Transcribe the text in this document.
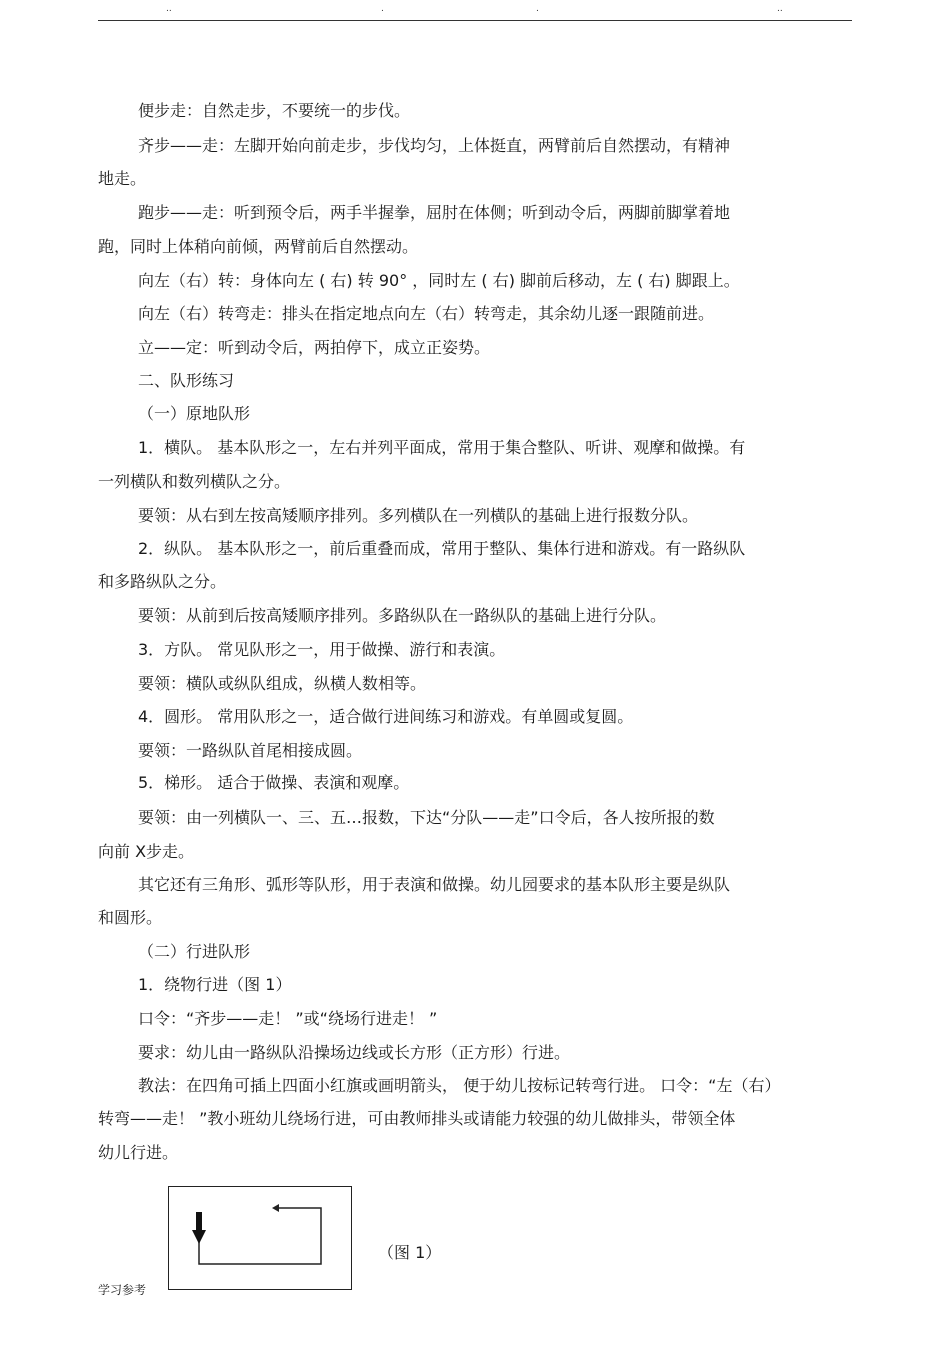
..	.	.	..
便步走：自然走步，不要统一的步伐。
齐步——走：左脚开始向前走步，步伐均匀，上体挺直，两臂前后自然摆动，有精神
地走。
跑步——走：听到预令后，两手半握拳，屈肘在体侧；听到动令后，两脚前脚掌着地
跑，同时上体稍向前倾，两臂前后自然摆动。
向左（右）转：身体向左 ( 右) 转 90° ，同时左 ( 右) 脚前后移动，左 ( 右) 脚跟上。
向左（右）转弯走：排头在指定地点向左（右）转弯走，其余幼儿逐一跟随前进。
立——定：听到动令后，两拍停下，成立正姿势。
二、队形练习
（一）原地队形
1．横队。 基本队形之一，左右并列平面成，常用于集合整队、听讲、观摩和做操。有
一列横队和数列横队之分。
要领：从右到左按高矮顺序排列。多列横队在一列横队的基础上进行报数分队。
2．纵队。 基本队形之一，前后重叠而成，常用于整队、集体行进和游戏。有一路纵队
和多路纵队之分。
要领：从前到后按高矮顺序排列。多路纵队在一路纵队的基础上进行分队。
3．方队。 常见队形之一，用于做操、游行和表演。
要领：横队或纵队组成，纵横人数相等。
4．圆形。 常用队形之一，适合做行进间练习和游戏。有单圆或复圆。
要领：一路纵队首尾相接成圆。
5．梯形。 适合于做操、表演和观摩。
要领：由一列横队一、三、五…报数，下达“分队——走”口令后，各人按所报的数
向前 X步走。
其它还有三角形、弧形等队形，用于表演和做操。幼儿园要求的基本队形主要是纵队
和圆形。
（二）行进队形
1．绕物行进（图 1）
口令：“齐步——走！ ”或“绕场行进走！ ”
要求：幼儿由一路纵队沿操场边线或长方形（正方形）行进。
教法：在四角可插上四面小红旗或画明箭头， 便于幼儿按标记转弯行进。 口令：“左（右）
转弯——走！ ”教小班幼儿绕场行进，可由教师排头或请能力较强的幼儿做排头，带领全体
幼儿行进。
（图 1）
学习参考
